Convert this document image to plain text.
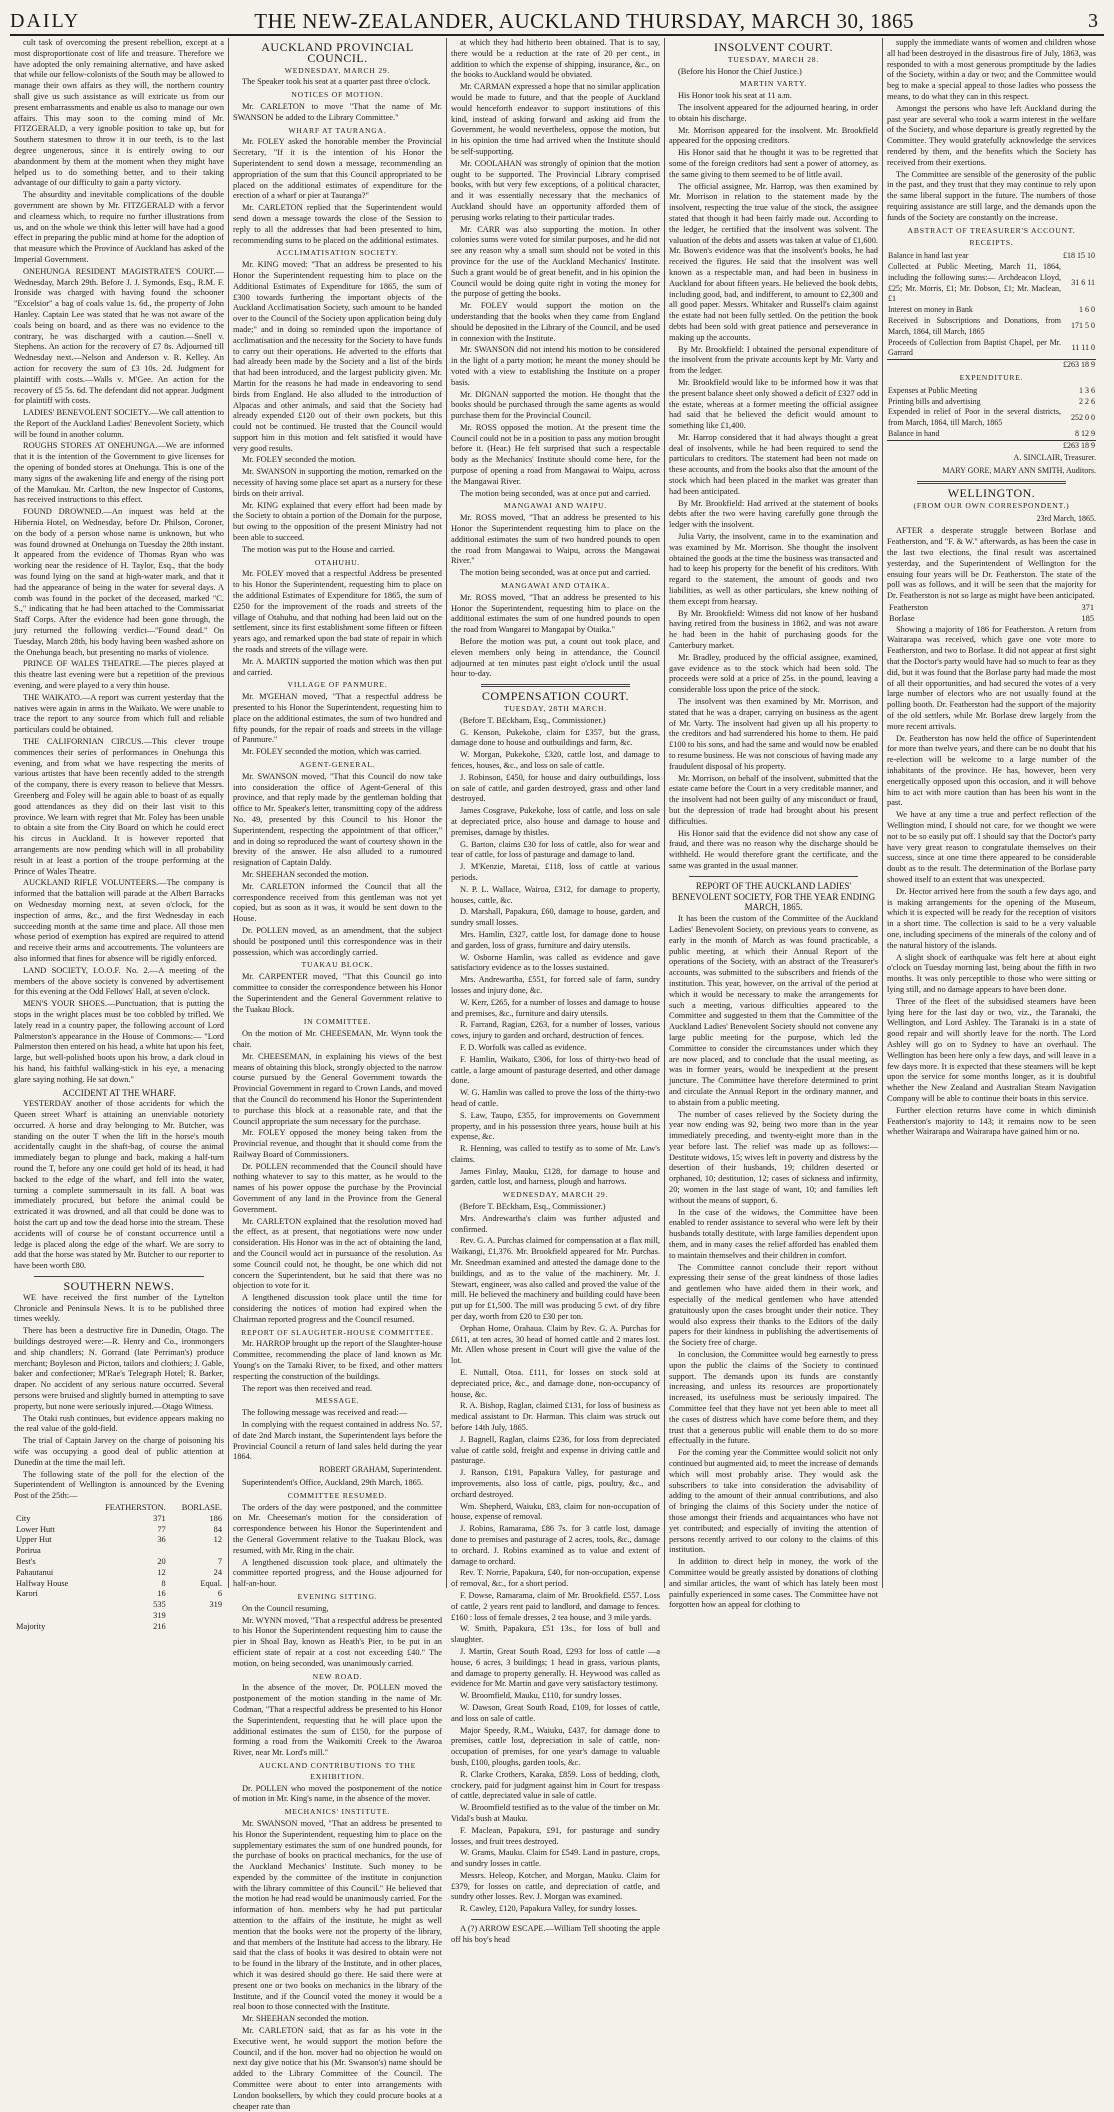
DAILY	THE NEW-ZEALANDER, AUCKLAND THURSDAY, MARCH 30, 1865	3

cult task of overcoming the present rebellion, except at a most disproportionate cost of life and treasure. Therefore we have adopted the only remaining alternative, and have asked that while our fellow-colonists of the South may be allowed to manage their own affairs as they will, the northern country shall give us such assistance as will extricate us from our present embarrassments and enable us also to manage our own affairs. This may soon to the coming mind of Mr. FITZGERALD, a very ignoble position to take up, but for Southern statesmen to throw it in our teeth, is to the last degree ungenerous, since it is entirely owing to our abandonment by them at the moment when they might have helped us to do something better, and to their taking advantage of our difficulty to gain a party victory.

The absurdity and inevitable complications of the double government are shown by Mr. FITZGERALD with a fervor and clearness which, to require no further illustrations from us, and on the whole we think this letter will have had a good effect in preparing the public mind at home for the adoption of that measure which the Province of Auckland has asked of the Imperial Government.

ONEHUNGA RESIDENT MAGISTRATE'S COURT.— Wednesday, March 29th. Before J. J. Symonds, Esq., R.M. F. Ironside was charged with having found the schooner "Excelsior" a bag of coals value 1s. 6d., the property of John Hanley. Captain Lee was stated that he was not aware of the coals being on board, and as there was no evidence to the contrary, he was discharged with a caution.—Snell v. Stephens. An action for the recovery of £7 8s. Adjourned till Wednesday next.—Nelson and Anderson v. R. Kelley. An action for recovery the sum of £3 10s. 2d. Judgment for plaintiff with costs.—Walls v. M'Gee. An action for the recovery of £5 5s. 6d. The defendant did not appear. Judgment for plaintiff with costs.

LADIES' BENEVOLENT SOCIETY.—We call attention to the Report of the Auckland Ladies' Benevolent Society, which will be found in another column.

ROUGHS STORES AT ONEHUNGA.—We are informed that it is the intention of the Government to give licenses for the opening of bonded stores at Onehunga. This is one of the many signs of the awakening life and energy of the rising port of the Manukau. Mr. Carlton, the new Inspector of Customs, has received instructions to this effect.

FOUND DROWNED.—An inquest was held at the Hibernia Hotel, on Wednesday, before Dr. Philson, Coroner, on the body of a person whose name is unknown, but who was found drowned at Onehunga on Tuesday the 28th instant. It appeared from the evidence of Thomas Ryan who was working near the residence of H. Taylor, Esq., that the body was found lying on the sand at high-water mark, and that it had the appearance of being in the water for several days. A comb was found in the pocket of the deceased, marked "C. S.," indicating that he had been attached to the Commissariat Staff Corps. After the evidence had been gone through, the jury returned the following verdict—"Found dead." On Tuesday, March 28th, his body having been washed ashore on the Onehunga beach, but presenting no marks of violence.

PRINCE OF WALES THEATRE.—The pieces played at this theatre last evening were but a repetition of the previous evening, and were played to a very thin house.

THE WAIKATO.—A report was current yesterday that the natives were again in arms in the Waikato. We were unable to trace the report to any source from which full and reliable particulars could be obtained.

THE CALIFORNIAN CIRCUS.—This clever troupe commences their series of performances in Onehunga this evening, and from what we have respecting the merits of various artistes that have been recently added to the strength of the company, there is every reason to believe that Messrs. Greenberg and Foley will be again able to boast of as equally good attendances as they did on their last visit to this province. We learn with regret that Mr. Foley has been unable to obtain a site from the City Board on which he could erect his circus in Auckland. It is however reported that arrangements are now pending which will in all probability result in at least a portion of the troupe performing at the Prince of Wales Theatre.

AUCKLAND RIFLE VOLUNTEERS.—The company is informed that the battalion will parade at the Albert Barracks on Wednesday morning next, at seven o'clock, for the inspection of arms, &c., and the first Wednesday in each succeeding month at the same time and place. All those men whose period of exemption has expired are required to attend and receive their arms and accoutrements. The volunteers are also informed that fines for absence will be rigidly enforced.

LAND SOCIETY, I.O.O.F. No. 2.—A meeting of the members of the above society is convened by advertisement for this evening at the Odd Fellows' Hall, at seven o'clock.

MEN'S YOUR SHOES.—Punctuation, that is putting the stops in the wright places must be too cobbled by trifled. We lately read in a country paper, the following account of Lord Palmerston's appearance in the House of Commons:— "Lord Palmerston then entered on his head, a white hat upon his feet, large, but well-polished boots upon his brow, a dark cloud in his hand, his faithful walking-stick in his eye, a menacing glare saying nothing. He sat down."

ACCIDENT AT THE WHARF.

YESTERDAY another of those accidents for which the Queen street Wharf is attaining an unenviable notoriety occurred. A horse and dray belonging to Mr. Butcher, was standing on the outer T when the lift in the horse's mouth accidentally caught in the shaft-bag, of course the animal immediately began to plunge and back, making a half-turn round the T, before any one could get hold of its head, it had backed to the edge of the wharf, and fell into the water, turning a complete summersault in its fall. A boat was immediately procured, but before the animal could be extricated it was drowned, and all that could be done was to hoist the cart up and tow the dead horse into the stream. These accidents will of course be of constant occurrence until a ledge is placed along the edge of the wharf. We are sorry to add that the horse was stated by Mr. Butcher to our reporter to have been worth £80.

SOUTHERN NEWS.

WE have received the first number of the Lyttelton Chronicle and Peninsula News. It is to be published three times weekly.

There has been a destructive fire in Dunedin, Otago. The buildings destroyed were:—R. Henry and Co., ironmongers and ship chandlers; N. Gorrand (late Perriman's) produce merchant; Boyleson and Picton, tailors and clothiers; J. Gable, baker and confectioner; M'Rae's Telegraph Hotel; R. Barker, draper. No accident of any serious nature occurred. Several persons were bruised and slightly burned in attempting to save property, but none were seriously injured.—Otago Witness.

The Otaki rush continues, but evidence appears making no the real value of the gold-field.

The trial of Captain Jarvey on the charge of poisoning his wife was occupying a good deal of public attention at Dunedin at the time the mail left.

The following state of the poll for the election of the Superintendent of Wellington is announced by the Evening Post of the 25th:—

	FEATHERSTON.	BORLASE.
City	371	186
Lower Hutt	77	84
Upper Hut	36	12
Porirua		
Best's	20	7
Pahautanui	12	24
Halfway House	8	Equal.
Karori	16	6
	535	319
	319	
Majority	216	
AUCKLAND PROVINCIAL COUNCIL.
WEDNESDAY, MARCH 29.

The Speaker took his seat at a quarter past three o'clock.

NOTICES OF MOTION.

Mr. CARLETON to move "That the name of Mr. SWANSON be added to the Library Committee."

WHARF AT TAURANGA.

Mr. FOLEY asked the honorable member the Provincial Secretary, "If it is the intention of his Honor the Superintendent to send down a message, recommending an appropriation of the sum that this Council appropriated to be placed on the additional estimates of expenditure for the erection of a wharf or pier at Tauranga?"

Mr. CARLETON replied that the Superintendent would send down a message towards the close of the Session to reply to all the addresses that had been presented to him, recommending sums to be placed on the additional estimates.

ACCLIMATISATION SOCIETY.

Mr. KING moved: "That an address be presented to his Honor the Superintendent requesting him to place on the Additional Estimates of Expenditure for 1865, the sum of £300 towards furthering the important objects of the Auckland Acclimatisation Society, such amount to be handed over to the Council of the Society upon application being duly made;" and in doing so reminded upon the importance of acclimatisation and the necessity for the Society to have funds to carry out their operations. He adverted to the efforts that had already been made by the Society and a list of the birds that had been introduced, and the largest publicity given. Mr. Martin for the reasons he had made in endeavoring to send birds from England. He also alluded to the introduction of Alpacas and other animals, and said that the Society had already expended £120 out of their own pockets, but this could not be continued. He trusted that the Council would support him in this motion and felt satisfied it would have very good results.

Mr. FOLEY seconded the motion.

Mr. SWANSON in supporting the motion, remarked on the necessity of having some place set apart as a nursery for these birds on their arrival.

Mr. KING explained that every effort had been made by the Society to obtain a portion of the Domain for the purpose, but owing to the opposition of the present Ministry had not been able to succeed.

The motion was put to the House and carried.

OTAHUHU.

Mr. FOLEY moved that a respectful Address be presented to his Honor the Superintendent, requesting him to place on the additional Estimates of Expenditure for 1865, the sum of £250 for the improvement of the roads and streets of the village of Otahuhu, and that nothing had been laid out on the settlement, since its first establishment some fifteen or fifteen years ago, and remarked upon the bad state of repair in which the roads and streets of the village were.

Mr. A. MARTIN supported the motion which was then put and carried.

VILLAGE OF PANMURE.

Mr. M'GEHAN moved, "That a respectful address be presented to his Honor the Superintendent, requesting him to place on the additional estimates, the sum of two hundred and fifty pounds, for the repair of roads and streets in the village of Panmure."

Mr. FOLEY seconded the motion, which was carried.

AGENT-GENERAL.

Mr. SWANSON moved, "That this Council do now take into consideration the office of Agent-General of this province, and that reply made by the gentleman holding that office to Mr. Speaker's letter, transmitting copy of the address No. 49, presented by this Council to his Honor the Superintendent, respecting the appointment of that officer," and in doing so reproduced the want of courtesy shown in the brevity of the answer. He also alluded to a rumoured resignation of Captain Daldy.

Mr. SHEEHAN seconded the motion.

Mr. CARLETON informed the Council that all the correspondence received from this gentleman was not yet copied, but as soon as it was, it would be sent down to the House.

Dr. POLLEN moved, as an amendment, that the subject should be postponed until this correspondence was in their possession, which was accordingly carried.

TUAKAU BLOCK.

Mr. CARPENTER moved, "That this Council go into committee to consider the correspondence between his Honor the Superintendent and the General Government relative to the Tuakau Block.

IN COMMITTEE.

On the motion of Mr. CHEESEMAN, Mr. Wynn took the chair.

Mr. CHEESEMAN, in explaining his views of the best means of obtaining this block, strongly objected to the narrow course pursued by the General Government towards the Provincial Government in regard to Crown Lands, and moved that the Council do recommend his Honor the Superintendent to purchase this block at a reasonable rate, and that the Council appropriate the sum necessary for the purchase.

Mr. FOLEY opposed the money being taken from the Provincial revenue, and thought that it should come from the Railway Board of Commissioners.

Dr. POLLEN recommended that the Council should have nothing whatever to say to this matter, as he would to the names of his power oppose the purchase by the Provincial Government of any land in the Province from the General Government.

Mr. CARLETON explained that the resolution moved had the effect, as at present, that negotiations were now under consideration. His Honor was in the act of obtaining the land, and the Council would act in pursuance of the resolution. As some Council could not, he thought, be one which did not concern the Superintendent, but he said that there was no objection to vote for it.

A lengthened discussion took place until the time for considering the notices of motion had expired when the Chairman reported progress and the Council resumed.

REPORT OF SLAUGHTER-HOUSE COMMITTEE.

Mr. HARROP brought up the report of the Slaughter-house Committee, recommending the place of land known as Mr. Young's on the Tamaki River, to be fixed, and other matters respecting the construction of the buildings.

The report was then received and read.

MESSAGE.

The following message was received and read:—

In complying with the request contained in address No. 57, of date 2nd March instant, the Superintendent lays before the Provincial Council a return of land sales held during the year 1864.

ROBERT GRAHAM, Superintendent.

Superintendent's Office, Auckland, 29th March, 1865.

COMMITTEE RESUMED.

The orders of the day were postponed, and the committee on Mr. Cheeseman's motion for the consideration of correspondence between his Honor the Superintendent and the General Government relative to the Tuakau Block, was resumed, with Mr. Ring in the chair.

A lengthened discussion took place, and ultimately the committee reported progress, and the House adjourned for half-an-hour.

EVENING SITTING.

On the Council resuming,

Mr. WYNN moved, "That a respectful address be presented to his Honor the Superintendent requesting him to cause the pier in Shoal Bay, known as Heath's Pier, to be put in an efficient state of repair at a cost not exceeding £40." The motion, on being seconded, was unanimously carried.

NEW ROAD.

In the absence of the mover, Dr. POLLEN moved the postponement of the motion standing in the name of Mr. Codman, "That a respectful address be presented to his Honor the Superintendent, requesting that he will place upon the additional estimates the sum of £150, for the purpose of forming a road from the Waikomiti Creek to the Awaroa River, near Mr. Lord's mill."

AUCKLAND CONTRIBUTIONS TO THE EXHIBITION.

Dr. POLLEN who moved the postponement of the notice of motion in Mr. King's name, in the absence of the mover.

MECHANICS' INSTITUTE.

Mr. SWANSON moved, "That an address be presented to his Honor the Superintendent, requesting him to place on the supplementary estimates the sum of one hundred pounds, for the purchase of books on practical mechanics, for the use of the Auckland Mechanics' Institute. Such money to be expended by the committee of the institute in conjunction with the library committee of this Council." He believed that the motion he had read would be unanimously carried. For the information of hon. members why he had put particular attention to the affairs of the institute, he might as well mention that the books were not the property of the library, and that members of the Institute had access to the library. He said that the class of books it was desired to obtain were not to be found in the library of the Institute, and in other places, which it was desired should go there. He said there were at present one or two books on mechanics in the library of the Institute, and if the Council voted the money it would be a real boon to those connected with the Institute.

Mr. SHEEHAN seconded the motion.

Mr. CARLETON said, that as far as his vote in the Executive went, he would support the motion before the Council, and if the hon. mover had no objection he would on next day give notice that his (Mr. Swanson's) name should be added to the Library Committee of the Council. The Committee were about to enter into arrangements with London booksellers, by which they could procure books at a cheaper rate than

at which they had hitherto been obtained. That is to say, there would be a reduction at the rate of 20 per cent., in addition to which the expense of shipping, insurance, &c., on the books to Auckland would be obviated.

Mr. CARMAN expressed a hope that no similar application would be made to future, and that the people of Auckland would henceforth endeavor to support institutions of this kind, instead of asking forward and asking aid from the Government, he would nevertheless, oppose the motion, but in his opinion the time had arrived when the Institute should be self-supporting.

Mr. COOLAHAN was strongly of opinion that the motion ought to be supported. The Provincial Library comprised books, with but very few exceptions, of a political character, and it was essentially necessary that the mechanics of Auckland should have an opportunity afforded them of perusing works relating to their particular trades.

Mr. CARR was also supporting the motion. In other colonies sums were voted for similar purposes, and he did not see any reason why a small sum should not be voted in this province for the use of the Auckland Mechanics' Institute. Such a grant would be of great benefit, and in his opinion the Council would be doing quite right in voting the money for the purpose of getting the books.

Mr. FOLEY would support the motion on the understanding that the books when they came from England should be deposited in the Library of the Council, and be used in connexion with the Institute.

Mr. SWANSON did not intend his motion to be considered in the light of a party motion; he meant the money should be voted with a view to establishing the Institute on a proper basis.

Mr. DIGNAN supported the motion. He thought that the books should be purchased through the same agents as would purchase them for the Provincial Council.

Mr. ROSS opposed the motion. At the present time the Council could not be in a position to pass any motion brought before it. (Hear.) He felt surprised that such a respectable body as the Mechanics' Institute should come here, for the purpose of opening a road from Mangawai to Waipu, across the Mangawai River.

The motion being seconded, was at once put and carried.

MANGAWAI AND WAIPU.

Mr. ROSS moved, "That an address be presented to his Honor the Superintendent requesting him to place on the additional estimates the sum of two hundred pounds to open the road from Mangawai to Waipu, across the Mangawai River."

The motion being seconded, was at once put and carried.

MANGAWAI AND OTAIKA.

Mr. ROSS moved, "That an address be presented to his Honor the Superintendent, requesting him to place on the additional estimates the sum of one hundred pounds to open the road from Wangarei to Mangapai by Otaika."

Before the motion was put, a count out took place, and eleven members only being in attendance, the Council adjourned at ten minutes past eight o'clock until the usual hour to-day.

COMPENSATION COURT.
TUESDAY, 28TH MARCH.

(Before T. BEckham, Esq., Commissioner.)

G. Kenson, Pukekohe, claim for £357, but the grass, damage done to house and outbuildings and farm, &c.

W. Morgan, Pukekohe, £320, cattle lost, and damage to fences, houses, &c., and loss on sale of cattle.

J. Robinson, £450, for house and dairy outbuildings, loss on sale of cattle, and garden destroyed, grass and other land destroyed.

James Cosgrave, Pukekohe, loss of cattle, and loss on sale at depreciated price, also house and damage to house and premises, damage by thistles.

G. Barton, claims £30 for loss of cattle, also for wear and tear of cattle, for loss of pasturage and damage to land.

J. M'Kenzie, Maretai, £118, loss of cattle at various periods.

N. P. L. Wallace, Wairoa, £312, for damage to property, houses, cattle, &c.

D. Marshall, Papakura, £60, damage to house, garden, and sundry small losses.

Mrs. Hamlin, £327, cattle lost, for damage done to house and garden, loss of grass, furniture and dairy utensils.

W. Osborne Hamlin, was called as evidence and gave satisfactory evidence as to the losses sustained.

Mrs. Andrewartha, £551, for forced sale of farm, sundry losses and injury done, &c.

W. Kerr, £265, for a number of losses and damage to house and premises, &c., furniture and dairy utensils.

R. Farrand, Ragian, £263, for a number of losses, various cows, injury to garden and orchard, destruction of fences.

F. D. Worfolk was called as evidence.

F. Hamlin, Waikato, £306, for loss of thirty-two head of cattle, a large amount of pasturage deserted, and other damage done.

W. G. Hamlin was called to prove the loss of the thirty-two head of cattle.

S. Law, Taupo, £355, for improvements on Government property, and in his possession three years, house built at his expense, &c.

R. Henning, was called to testify as to some of Mr. Law's claims.

James Finlay, Mauku, £128, for damage to house and garden, cattle lost, and harness, plough and harrows.

WEDNESDAY, MARCH 29.

(Before T. BEckham, Esq., Commissioner.)

Mrs. Andrewartha's claim was further adjusted and confirmed.

Rev. G. A. Purchas claimed for compensation at a flax mill, Waikangi, £1,376. Mr. Brookfield appeared for Mr. Purchas. Mr. Sneedman examined and attested the damage done to the buildings, and as to the value of the machinery. Mr. J. Stewart, engineer, was also called and proved the value of the mill. He believed the machinery and building could have been put up for £1,500. The mill was producing 5 cwt. of dry fibre per day, worth from £20 to £30 per ton.

Orphan Home, Orahaua. Claim by Rev. G. A. Purchas for £611, at ten acres, 30 head of horned cattle and 2 mares lost. Mr. Allen whose present in Court will give the value of the lot.

E. Nuttall, Otoa. £111, for losses on stock sold at depreciated price, &c., and damage done, non-occupancy of house, &c.

R. A. Bishop, Raglan, claimed £131, for loss of business as medical assistant to Dr. Harman. This claim was struck out before 14th July, 1865.

J. Bagnell, Raglan, claims £236, for loss from depreciated value of cattle sold, freight and expense in driving cattle and pasturage.

J. Ranson, £191, Papakura Valley, for pasturage and improvements, also loss of cattle, pigs, poultry, &c., and orchard destroyed.

Wm. Shepherd, Waiuku, £83, claim for non-occupation of house, expense of removal.

J. Robins, Ramarama, £86 7s. for 3 cattle lost, damage done to premises and pasturage of 2 acres, tools, &c., damage to orchard. J. Robins examined as to value and extent of damage to orchard.

Rev. T. Norrie, Papakura, £40, for non-occupation, expense of removal, &c., for a short period.

F. Dowse, Ramarama, claim of Mr. Brookfield. £557. Loss of cattle, 2 years rent paid to landlord, and damage to fences. £160 : loss of female dresses, 2 tea house, and 3 mile yards.

W. Smith, Papakura, £51 13s., for loss of bull and slaughter.

J. Martin, Great South Road, £293 for loss of cattle —a house, 6 acres, 3 buildings; 1 head in grass, various plants, and damage to property generally. H. Heywood was called as evidence for Mr. Martin and gave very satisfactory testimony.

W. Broomfield, Mauku, £110, for sundry losses.

W. Dawson, Great South Road, £109, for losses of cattle, and loss on sale of cattle.

Major Speedy, R.M., Waiuku, £437, for damage done to premises, cattle lost, depreciation in sale of cattle, non-occupation of premises, for one year's damage to valuable bush, £100, ploughs, garden tools, &c.

R. Clarke Crothers, Karaka, £859. Loss of bedding, cloth, crockery, paid for judgment against him in Court for trespass of cattle, depreciated value in sale of cattle.

W. Broomfield testified as to the value of the timber on Mr. Vidal's bush at Mauku.

F. Maclean, Papakura, £91, for pasturage and sundry losses, and fruit trees destroyed.

W. Grams, Mauku. Claim for £549. Land in pasture, crops, and sundry losses in cattle.

Messrs. Heleop, Kotcher, and Morgan, Mauku. Claim for £379, for losses on cattle, and depreciation of cattle, and sundry other losses. Rev. J. Morgan was examined.

R. Cawley, £120, Papakura Valley, for sundry losses.

A (?) ARROW ESCAPE.—William Tell shooting the apple off his boy's head

INSOLVENT COURT.
TUESDAY, MARCH 28.

(Before his Honor the Chief Justice.)

MARTIN VARTY.

His Honor took his seat at 11 a.m.

The insolvent appeared for the adjourned hearing, in order to obtain his discharge.

Mr. Morrison appeared for the insolvent. Mr. Brookfield appeared for the opposing creditors.

His Honor said that he thought it was to be regretted that some of the foreign creditors had sent a power of attorney, as the same giving to them seemed to be of little avail.

The official assignee, Mr. Harrop, was then examined by Mr. Morrison in relation to the statement made by the insolvent, respecting the true value of the stock, the assignee stated that though it had been fairly made out. According to the ledger, he certified that the insolvent was solvent. The valuation of the debts and assets was taken at value of £1,600. Mr. Bowen's evidence was that the insolvent's books, he had received the figures. He said that the insolvent was well known as a respectable man, and had been in business in Auckland for about fifteen years. He believed the book debts, including good, bad, and indifferent, to amount to £2,300 and all good paper. Messrs. Whitaker and Russell's claim against the estate had not been fully settled. On the petition the book debts had been sold with great patience and perseverance in making up the accounts.

By Mr. Brookfield: I obtained the personal expenditure of the insolvent from the private accounts kept by Mr. Varty and from the ledger.

Mr. Brookfield would like to be informed how it was that the present balance sheet only showed a deficit of £327 odd in the estate, whereas at a former meeting the official assignee had said that he believed the deficit would amount to something like £1,400.

Mr. Harrop considered that it had always thought a great deal of insolvents, while he had been required to send the particulars to creditors. The statement had been not made on these accounts, and from the books also that the amount of the stock which had been placed in the market was greater than had been anticipated.

By Mr. Brookfield: Had arrived at the statement of books debts after the two were having carefully gone through the ledger with the insolvent.

Julia Varty, the insolvent, came in to the examination and was examined by Mr. Morrison. She thought the insolvent obtained the goods at the time the business was transacted and had to keep his property for the benefit of his creditors. With regard to the statement, the amount of goods and two liabilities, as well as other particulars, she knew nothing of them except from hearsay.

By Mr. Brookfield: Witness did not know of her husband having retired from the business in 1862, and was not aware he had been in the habit of purchasing goods for the Canterbury market.

Mr. Bradley, produced by the official assignee, examined, gave evidence as to the stock which had been sold. The proceeds were sold at a price of 25s. in the pound, leaving a considerable loss upon the price of the stock.

The insolvent was then examined by Mr. Morrison, and stated that he was a draper, carrying on business as the agent of Mr. Varty. The insolvent had given up all his property to the creditors and had surrendered his home to them. He paid £100 to his sons, and had the same and would now be enabled to resume business. He was not conscious of having made any fraudulent disposal of his property.

Mr. Morrison, on behalf of the insolvent, submitted that the estate came before the Court in a very creditable manner, and the insolvent had not been guilty of any misconduct or fraud, but the depression of trade had brought about his present difficulties.

His Honor said that the evidence did not show any case of fraud, and there was no reason why the discharge should be withheld. He would therefore grant the certificate, and the same was granted in the usual manner.

REPORT OF THE AUCKLAND LADIES' BENEVOLENT SOCIETY, FOR THE YEAR ENDING MARCH, 1865.

It has been the custom of the Committee of the Auckland Ladies' Benevolent Society, on previous years to convene, as early in the month of March as was found practicable, a public meeting, at which their Annual Report of the operations of the Society, with an abstract of the Treasurer's accounts, was submitted to the subscribers and friends of the institution. This year, however, on the arrival of the period at which it would be necessary to make the arrangements for such a meeting, various difficulties appeared to the Committee and suggested to them that the Committee of the Auckland Ladies' Benevolent Society should not convene any large public meeting for the purpose, which led the Committee to consider the circumstances under which they are now placed, and to conclude that the usual meeting, as was in former years, would be inexpedient at the present juncture. The Committee have therefore determined to print and circulate the Annual Report in the ordinary manner, and to abstain from a public meeting.

The number of cases relieved by the Society during the year now ending was 92, being two more than in the year immediately preceding, and twenty-eight more than in the year before last. The relief was made up as follows:—Destitute widows, 15; wives left in poverty and distress by the desertion of their husbands, 19; children deserted or orphaned, 10; destitution, 12; cases of sickness and infirmity, 20; women in the last stage of want, 10; and families left without the means of support, 6.

In the case of the widows, the Committee have been enabled to render assistance to several who were left by their husbands totally destitute, with large families dependent upon them, and in many cases the relief afforded has enabled them to maintain themselves and their children in comfort.

The Committee cannot conclude their report without expressing their sense of the great kindness of those ladies and gentlemen who have aided them in their work, and especially of the medical gentlemen who have attended gratuitously upon the cases brought under their notice. They would also express their thanks to the Editors of the daily papers for their kindness in publishing the advertisements of the Society free of charge.

In conclusion, the Committee would beg earnestly to press upon the public the claims of the Society to continued support. The demands upon its funds are constantly increasing, and unless its resources are proportionately increased, its usefulness must be seriously impaired. The Committee feel that they have not yet been able to meet all the cases of distress which have come before them, and they trust that a generous public will enable them to do so more effectually in the future.

For the coming year the Committee would solicit not only continued but augmented aid, to meet the increase of demands which will most probably arise. They would ask the subscribers to take into consideration the advisability of adding to the amount of their annual contributions, and also of bringing the claims of this Society under the notice of those amongst their friends and acquaintances who have not yet contributed; and especially of inviting the attention of persons recently arrived to our colony to the claims of this institution.

In addition to direct help in money, the work of the Committee would be greatly assisted by donations of clothing and similar articles, the want of which has lately been most painfully experienced in some cases. The Committee have not forgotten how an appeal for clothing to

supply the immediate wants of women and children whose all had been destroyed in the disastrous fire of July, 1863, was responded to with a most generous promptitude by the ladies of the Society, within a day or two; and the Committee would beg to make a special appeal to those ladies who possess the means, to do what they can in this respect.

Amongst the persons who have left Auckland during the past year are several who took a warm interest in the welfare of the Society, and whose departure is greatly regretted by the Committee. They would gratefully acknowledge the services rendered by them, and the benefits which the Society has received from their exertions.

The Committee are sensible of the generosity of the public in the past, and they trust that they may continue to rely upon the same liberal support in the future. The numbers of those requiring assistance are still large, and the demands upon the funds of the Society are constantly on the increase.

ABSTRACT OF TREASURER'S ACCOUNT.
RECEIPTS.
Balance in hand last year	£18 15 10
Collected at Public Meeting, March 11, 1864, including the following sums:— Archdeacon Lloyd, £25; Mr. Morris, £1; Mr. Dobson, £1; Mr. Maclean, £1	31 6 11
Interest on money in Bank	1 6 0
Received in Subscriptions and Donations, from March, 1864, till March, 1865	171 5 0
Proceeds of Collection from Baptist Chapel, per Mr. Garrard	11 11 0
	£263 18 9
EXPENDITURE.
Expenses at Public Meeting	1 3 6
Printing bills and advertising	2 2 6
Expended in relief of Poor in the several districts, from March, 1864, till March, 1865	252 0 0
Balance in hand	8 12 9
	£263 18 9
A. SINCLAIR, Treasurer.
MARY GORE, MARY ANN SMITH, Auditors.
WELLINGTON.
(FROM OUR OWN CORRESPONDENT.)
23rd March, 1865.

AFTER a desperate struggle between Borlase and Featherston, and "F. & W." afterwards, as has been the case in the last two elections, the final result was ascertained yesterday, and the Superintendent of Wellington for the ensuing four years will be Dr. Featherston. The state of the poll was as follows, and it will be seen that the majority for Dr. Featherston is not so large as might have been anticipated.

Featherston	371
Borlase	185

Showing a majority of 186 for Featherston. A return from Wairarapa was received, which gave one vote more to Featherston, and two to Borlase. It did not appear at first sight that the Doctor's party would have had so much to fear as they did, but it was found that the Borlase party had made the most of all their opportunities, and had secured the votes of a very large number of electors who are not usually found at the polling booth. Dr. Featherston had the support of the majority of the old settlers, while Mr. Borlase drew largely from the more recent arrivals.

Dr. Featherston has now held the office of Superintendent for more than twelve years, and there can be no doubt that his re-election will be welcome to a large number of the inhabitants of the province. He has, however, been very energetically opposed upon this occasion, and it will behove him to act with more caution than has been his wont in the past.

We have at any time a true and perfect reflection of the Wellington mind, I should not care, for we thought we were not to be so easily put off. I should say that the Doctor's party have very great reason to congratulate themselves on their success, since at one time there appeared to be considerable doubt as to the result. The determination of the Borlase party showed itself to an extent that was unexpected.

Dr. Hector arrived here from the south a few days ago, and is making arrangements for the opening of the Museum, which it is expected will be ready for the reception of visitors in a short time. The collection is said to be a very valuable one, including specimens of the minerals of the colony and of the natural history of the islands.

A slight shock of earthquake was felt here at about eight o'clock on Tuesday morning last, being about the fifth in two months. It was only perceptible to those who were sitting or lying still, and no damage appears to have been done.

Three of the fleet of the subsidised steamers have been lying here for the last day or two, viz., the Taranaki, the Wellington, and Lord Ashley. The Taranaki is in a state of good repair and will shortly leave for the north. The Lord Ashley will go on to Sydney to have an overhaul. The Wellington has been here only a few days, and will leave in a few days more. It is expected that these steamers will be kept upon the service for some months longer, as it is doubtful whether the New Zealand and Australian Steam Navigation Company will be able to continue their boats in this service.

Further election returns have come in which diminish Featherston's majority to 143; it remains now to be seen whether Wairarapa and Wairarapa have gained him or no.
